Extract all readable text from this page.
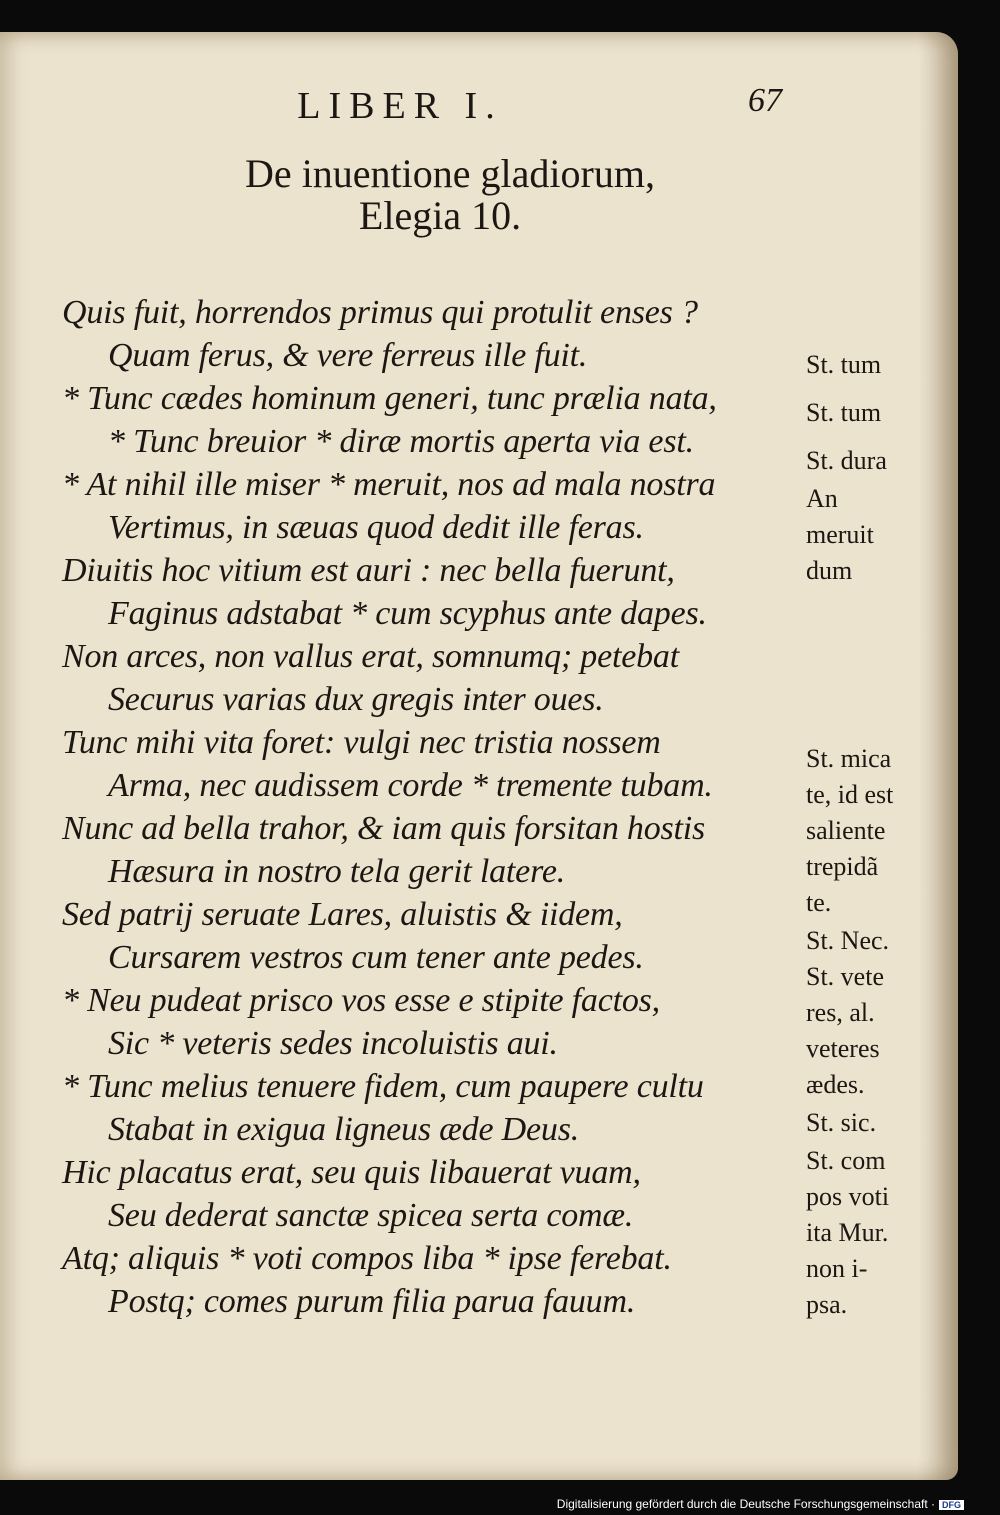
LIBER I.	67
De inuentione gladiorum,
Elegia 10.
Quis fuit, horrendos primus qui protulit enses ?
Quam ferus, & vere ferreus ille fuit.
* Tunc cædes hominum generi, tunc prælia nata,
* Tunc breuior * diræ mortis aperta via est.
* At nihil ille miser * meruit, nos ad mala nostra
Vertimus, in sæuas quod dedit ille feras.
Diuitis hoc vitium est auri : nec bella fuerunt,
Faginus adstabat * cum scyphus ante dapes.
Non arces, non vallus erat, somnumq; petebat
Securus varias dux gregis inter oues.
Tunc mihi vita foret: vulgi nec tristia nossem
Arma, nec audissem corde * tremente tubam.
Nunc ad bella trahor, & iam quis forsitan hostis
Hæsura in nostro tela gerit latere.
Sed patrij seruate Lares, aluistis & iidem,
Cursarem vestros cum tener ante pedes.
* Neu pudeat prisco vos esse e stipite factos,
Sic * veteris sedes incoluistis aui.
* Tunc melius tenuere fidem, cum paupere cultu
Stabat in exigua ligneus æde Deus.
Hic placatus erat, seu quis libauerat vuam,
Seu dederat sanctæ spicea serta comæ.
Atq; aliquis * voti compos liba * ipse ferebat.
Postq; comes purum filia parua fauum.
St. tum
St. tum
St. dura
An
meruit
dum
St. mica
te, id est
saliente
trepidã
te.
St. Nec.
St. vete
res, al.
veteres
ædes.
St. sic.
St. com
pos voti
ita Mur.
non i-
psa.
Digitalisierung gefördert durch die Deutsche Forschungsgemeinschaft · DFG
